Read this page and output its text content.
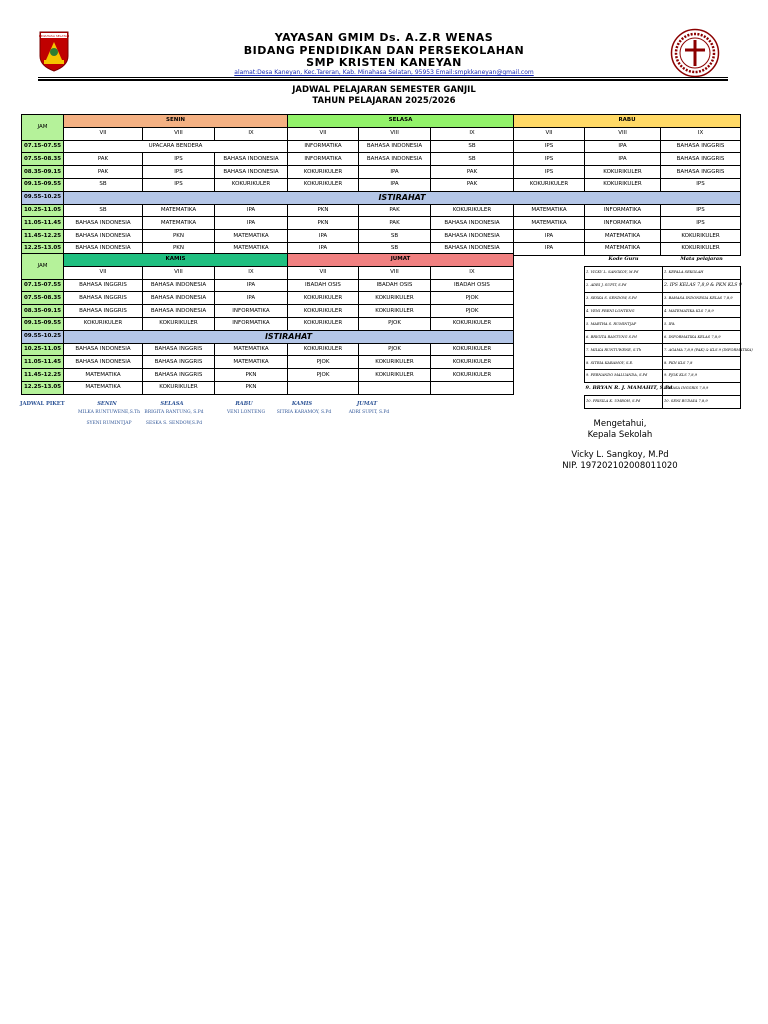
MINAHASA SELATAN	YAYASAN GMIM Ds. A.Z.R WENAS
BIDANG PENDIDIKAN DAN PERSEKOLAHAN
SMP KRISTEN KANEYAN
alamat:Desa Kaneyan, Kec.Tareran, Kab. Minahasa Selatan, 95953 Email:smpkkaneyan@gmail.com
JADWAL PELAJARAN SEMESTER GANJIL
TAHUN PELAJARAN 2025/2026
JAM	SENIN			SELASA			RABU		
	VII	VIII	IX	VII	VIII	IX	VII	VIII	IX
07.15-07.55	UPACARA BENDERA			INFORMATIKA	BAHASA INDONESIA	SB	IPS	IPA	BAHASA INGGRIS
07.55-08.35	PAK	IPS	BAHASA INDONESIA	INFORMATIKA	BAHASA INDONESIA	SB	IPS	IPA	BAHASA INGGRIS
08.35-09.15	PAK	IPS	BAHASA INDONESIA	KOKURIKULER	IPA	PAK	IPS	KOKURIKULER	BAHASA INGGRIS
09.15-09.55	SB	IPS	KOKURIKULER	KOKURIKULER	IPA	PAK	KOKURIKULER	KOKURIKULER	IPS
09.55-10.25	ISTIRAHAT								
10.25-11.05	SB	MATEMATIKA	IPA	PKN	PAK	KOKURIKULER	MATEMATIKA	INFORMATIKA	IPS
11.05-11.45	BAHASA INDONESIA	MATEMATIKA	IPA	PKN	PAK	BAHASA INDONESIA	MATEMATIKA	INFORMATIKA	IPS
11.45-12.25	BAHASA INDONESIA	PKN	MATEMATIKA	IPA	SB	BAHASA INDONESIA	IPA	MATEMATIKA	KOKURIKULER
12.25-13.05	BAHASA INDONESIA	PKN	MATEMATIKA	IPA	SB	BAHASA INDONESIA	IPA	MATEMATIKA	KOKURIKULER
JAM	KAMIS			JUMAT		
	VII	VIII	IX	VII	VIII	IX
07.15-07.55	BAHASA INGGRIS	BAHASA INDONESIA	IPA	IBADAH OSIS	IBADAH OSIS	IBADAH OSIS
07.55-08.35	BAHASA INGGRIS	BAHASA INDONESIA	IPA	KOKURIKULER	KOKURIKULER	PJOK
08.35-09.15	BAHASA INGGRIS	BAHASA INDONESIA	INFORMATIKA	KOKURIKULER	KOKURIKULER	PJOK
09.15-09.55	KOKURIKULER	KOKURIKULER	INFORMATIKA	KOKURIKULER	PJOK	KOKURIKULER
09.55-10.25	ISTIRAHAT					
10.25-11.05	BAHASA INDONESIA	BAHASA INGGRIS	MATEMATIKA	KOKURIKULER	PJOK	KOKURIKULER
11.05-11.45	BAHASA INDONESIA	BAHASA INGGRIS	MATEMATIKA	PJOK	KOKURIKULER	KOKURIKULER
11.45-12.25	MATEMATIKA	BAHASA INGGRIS	PKN	PJOK	KOKURIKULER	KOKURIKULER
12.25-13.05	MATEMATIKA	KOKURIKULER	PKN			
Kode Guru	Mata pelajaran
1. VICKY L. SANGKOY, M.Pd	1. KEPALA SEKOLAH
2. ADRI J. SUPIT, S.Pd	2. IPS KELAS 7,8,9 & PKN KLS 9
3. SESKA S. SENDOW, S.Pd	3. BAHASA INDONESIA KELAS 7,8,9
4. VENI FRENI LONTENG	4. MATEMATIKA KLS 7,8,9
5. MARTHA S. RUMINTJAP	5. IPA
6. BRIGITA RANTUNG S.Pd	6. INFORMATIKA KELAS 7,8,9
7. MILKA RUNTUWENE, S.Th	7. AGAMA 7,8,9 (PAK) & KLS 9 (INFORMATIKA)
8. SITRIA KARAMOY, S.E.	8. PKN KLS 7,8
9. FERNANDO MALUANDA, S.Pd	9. PJOK KLS 7,8,9
9. BRYAN R. J. MAMAHIT, S.Pd	BAHASA INGGRIS 7,8,9
10. PRISILA K. UMBOH, S.Pd	10. SENI BUDAYA 7,8,9
JADWAL PIKET	SENIN
MILKA RUNTUWENE,S.Th
SYENI RUMINTJAP
SELASA
BRIGITA RANTUNG, S.Pd
SESKA S. SENDOW,S.Pd
RABU
VENI LONTENG
KAMIS
SITRIA KARAMOY, S.Pd
JUMAT
ADRI SUPIT, S.Pd
Mengetahui,
Kepala Sekolah
Vicky L. Sangkoy, M.Pd
NIP. 197202102008011020
